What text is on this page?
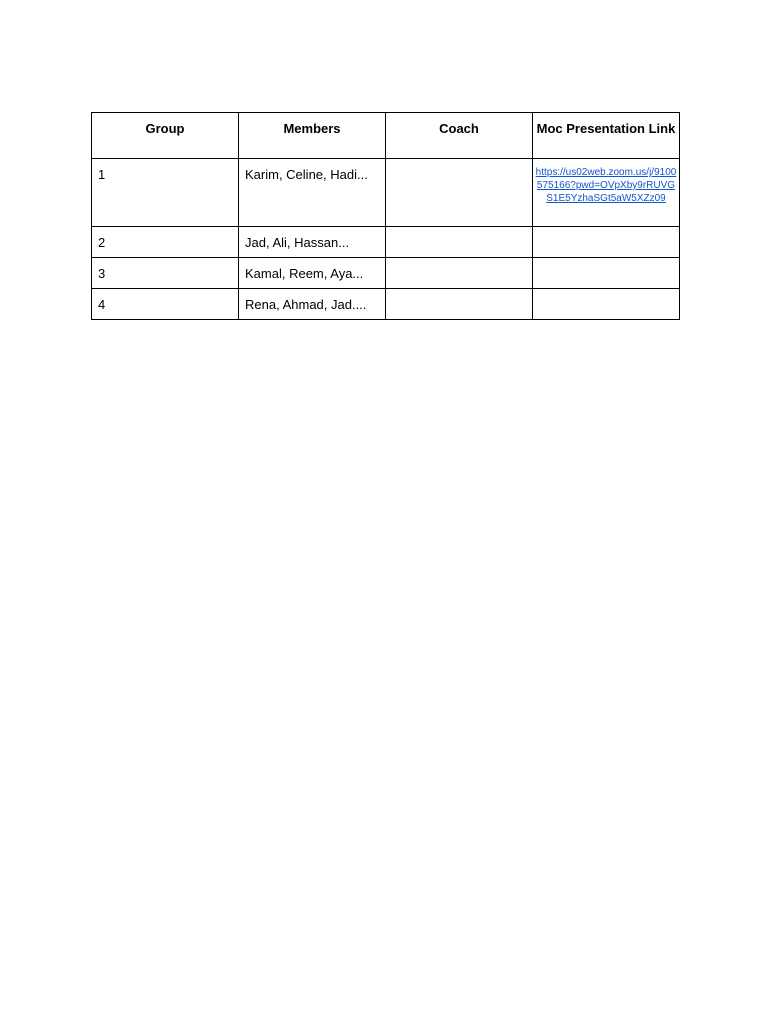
Group	Members	Coach	Moc Presentation Link
1	Karim, Celine, Hadi...		https://us02web.zoom.us/j/9100575166?pwd=OVpXby9rRUVGS1E5YzhaSGt5aW5XZz09
2	Jad, Ali, Hassan...		
3	Kamal, Reem, Aya...		
4	Rena, Ahmad, Jad....		
